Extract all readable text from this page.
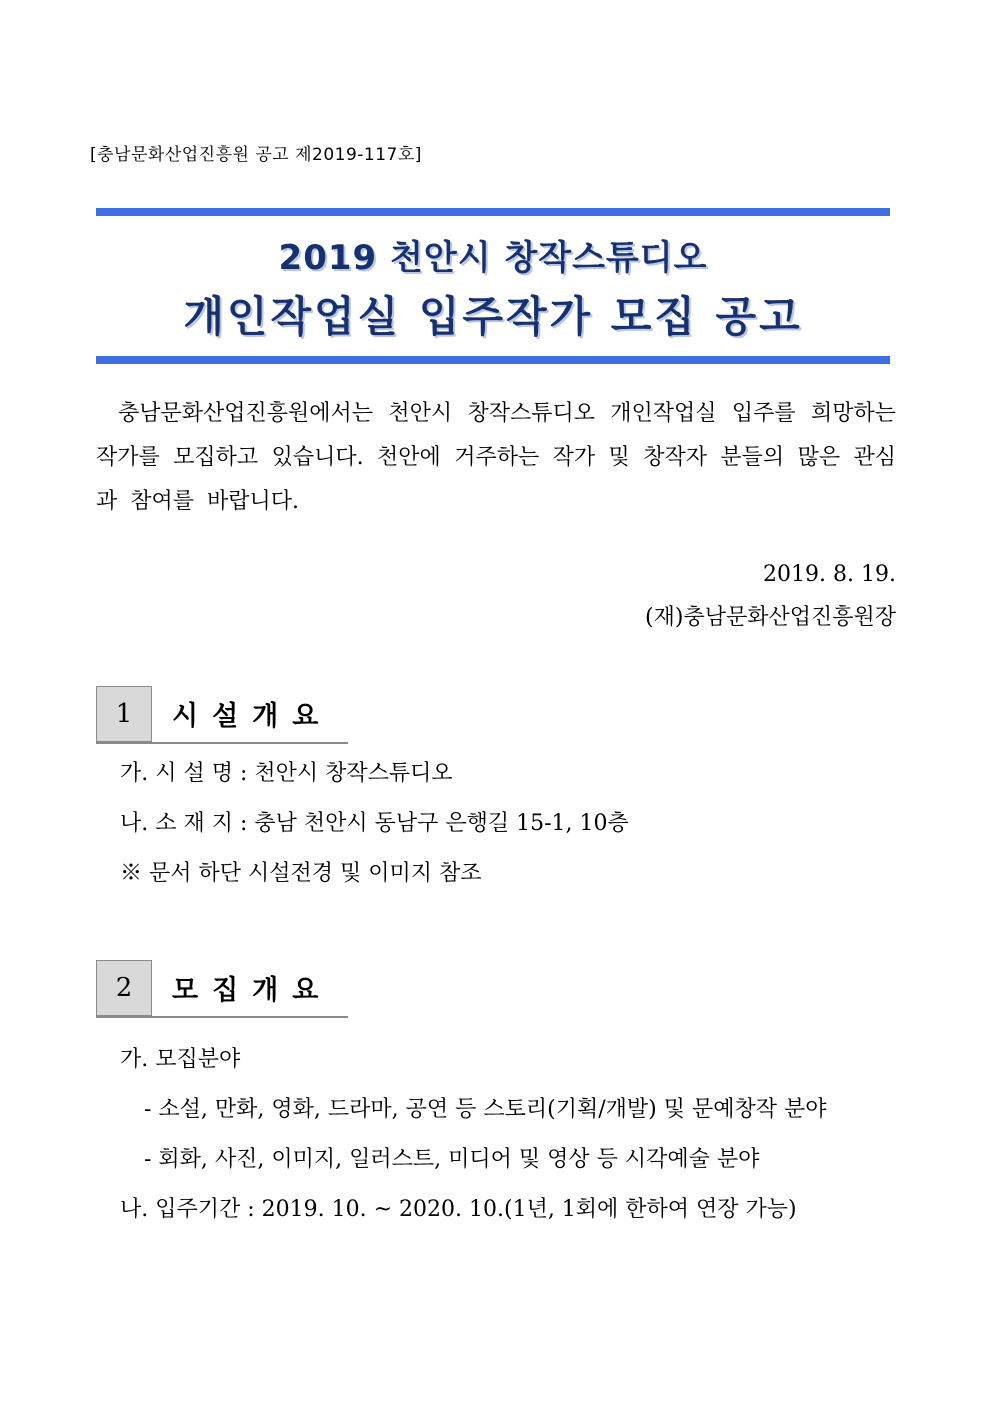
[충남문화산업진흥원 공고 제2019-117호]
2019 천안시 창작스튜디오
개인작업실 입주작가 모집 공고
충남문화산업진흥원에서는 천안시 창작스튜디오 개인작업실 입주를 희망하는 작가를 모집하고 있습니다. 천안에 거주하는 작가 및 창작자 분들의 많은 관심과 참여를 바랍니다.
2019. 8. 19.
(재)충남문화산업진흥원장
1	시설개요
가. 시 설 명 : 천안시 창작스튜디오
나. 소 재 지 : 충남 천안시 동남구 은행길 15-1, 10층
※ 문서 하단 시설전경 및 이미지 참조
2	모집개요
가. 모집분야
- 소설, 만화, 영화, 드라마, 공연 등 스토리(기획/개발) 및 문예창작 분야
- 회화, 사진, 이미지, 일러스트, 미디어 및 영상 등 시각예술 분야
나. 입주기간 : 2019. 10. ~ 2020. 10.(1년, 1회에 한하여 연장 가능)
